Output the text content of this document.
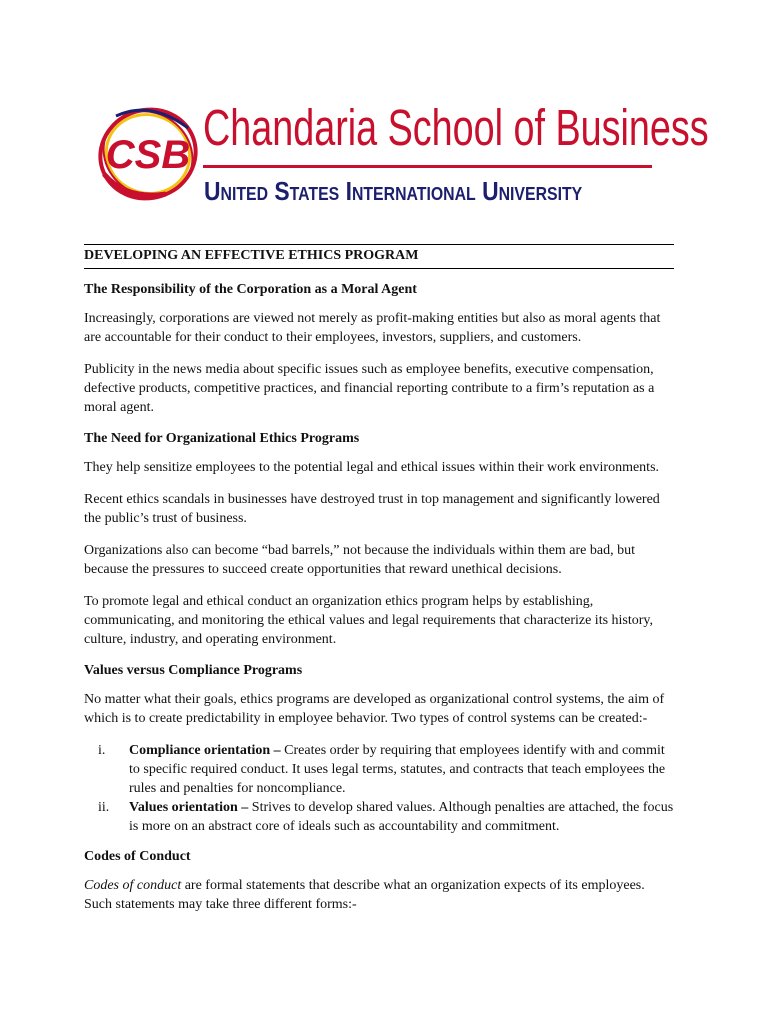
CSB Chandaria School of Business
United States International University
DEVELOPING AN EFFECTIVE ETHICS PROGRAM
The Responsibility of the Corporation as a Moral Agent

Increasingly, corporations are viewed not merely as profit-making entities but also as moral agents that are accountable for their conduct to their employees, investors, suppliers, and customers.

Publicity in the news media about specific issues such as employee benefits, executive compensation, defective products, competitive practices, and financial reporting contribute to a firm’s reputation as a moral agent.

The Need for Organizational Ethics Programs

They help sensitize employees to the potential legal and ethical issues within their work environments.

Recent ethics scandals in businesses have destroyed trust in top management and significantly lowered the public’s trust of business.

Organizations also can become “bad barrels,” not because the individuals within them are bad, but because the pressures to succeed create opportunities that reward unethical decisions.

To promote legal and ethical conduct an organization ethics program helps by establishing, communicating, and monitoring the ethical values and legal requirements that characterize its history, culture, industry, and operating environment.

Values versus Compliance Programs

No matter what their goals, ethics programs are developed as organizational control systems, the aim of which is to create predictability in employee behavior. Two types of control systems can be created:-

i. Compliance orientation – Creates order by requiring that employees identify with and commit to specific required conduct. It uses legal terms, statutes, and contracts that teach employees the rules and penalties for noncompliance.
ii. Values orientation – Strives to develop shared values. Although penalties are attached, the focus is more on an abstract core of ideals such as accountability and commitment.
Codes of Conduct

Codes of conduct are formal statements that describe what an organization expects of its employees. Such statements may take three different forms:-
